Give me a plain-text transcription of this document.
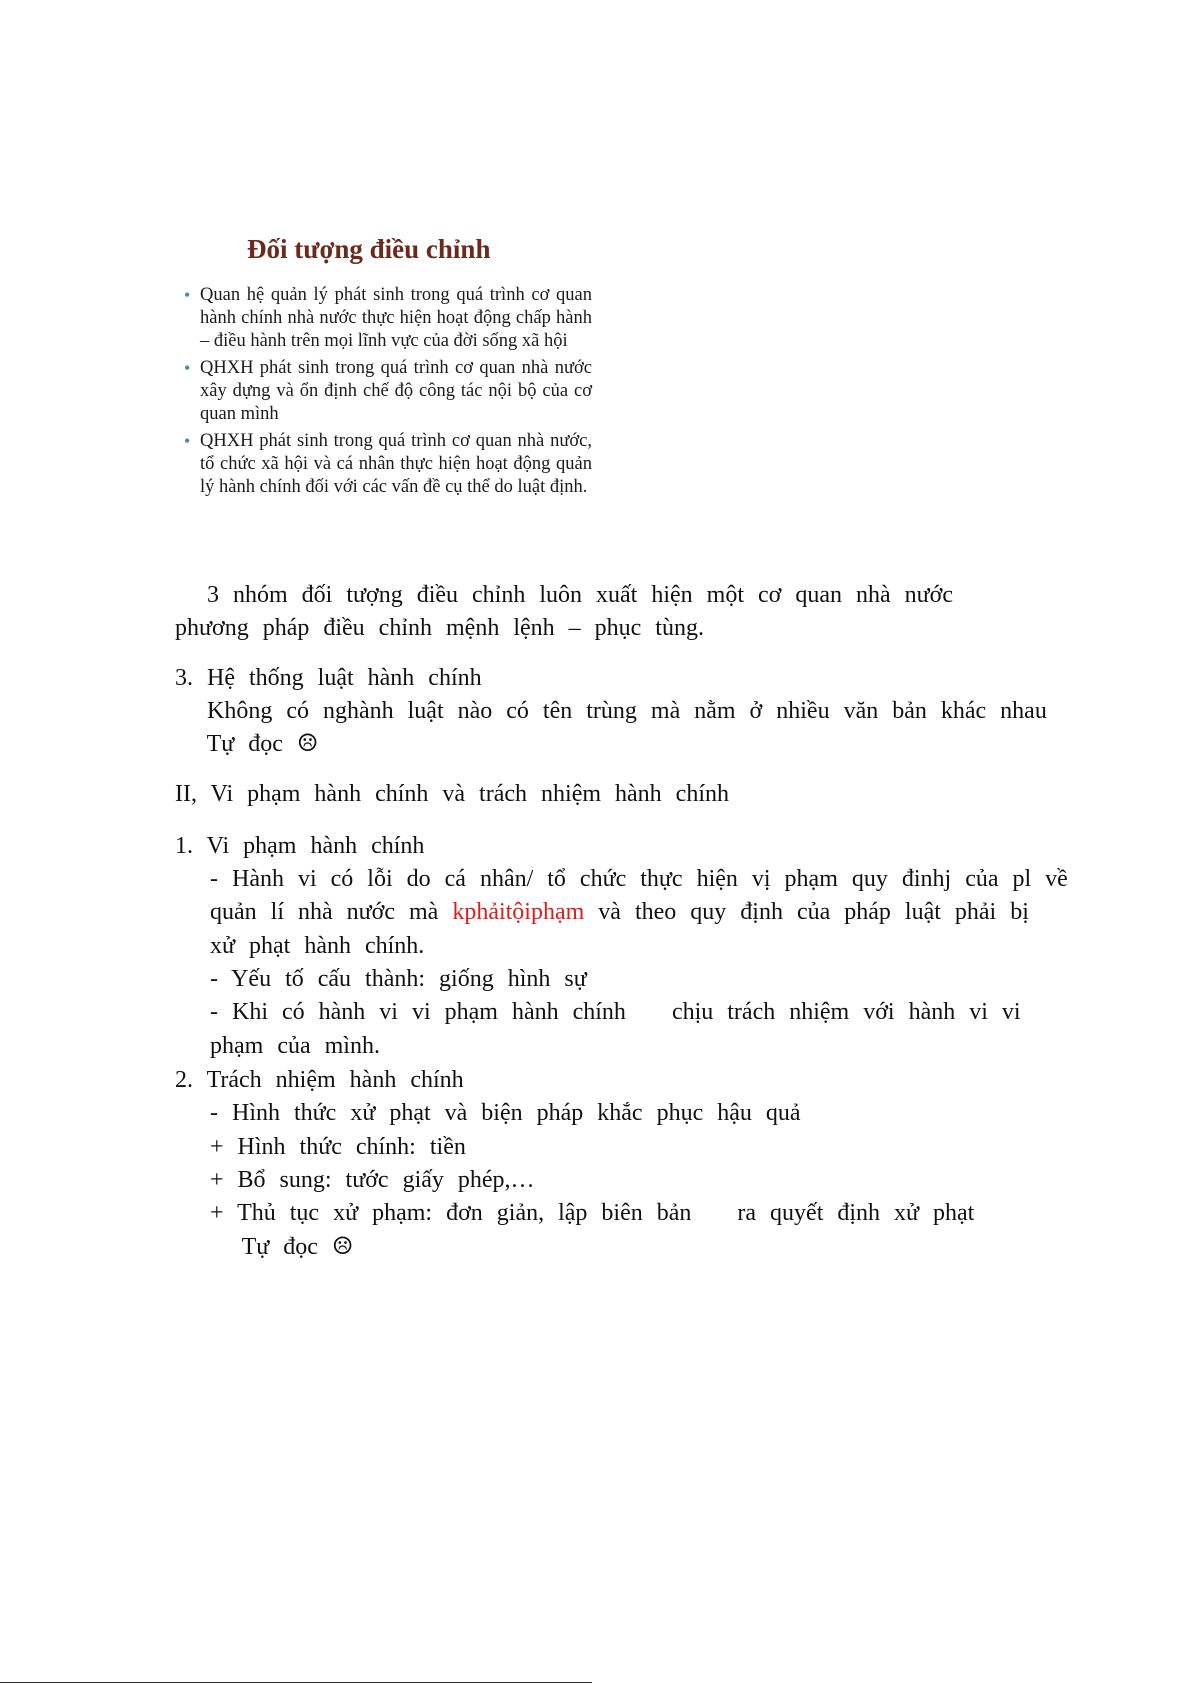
Đối tượng điều chỉnh
• Quan hệ quản lý phát sinh trong quá trình cơ quan hành chính nhà nước thực hiện hoạt động chấp hành – điều hành trên mọi lĩnh vực của đời sống xã hội
• QHXH phát sinh trong quá trình cơ quan nhà nước xây dựng và ổn định chế độ công tác nội bộ của cơ quan mình
• QHXH phát sinh trong quá trình cơ quan nhà nước, tổ chức xã hội và cá nhân thực hiện hoạt động quản lý hành chính đối với các vấn đề cụ thể do luật định.
3 nhóm đối tượng điều chỉnh luôn xuất hiện một cơ quan nhà nước
phương pháp điều chỉnh mệnh lệnh – phục tùng.
3. Hệ thống luật hành chính
Không có nghành luật nào có tên trùng mà nằm ở nhiều văn bản khác nhau
Tự đọc ☹
II, Vi phạm hành chính và trách nhiệm hành chính
1. Vi phạm hành chính
- Hành vi có lỗi do cá nhân/ tổ chức thực hiện vị phạm quy đinhj của pl về
quản lí nhà nước mà kphảitộiphạm và theo quy định của pháp luật phải bị
xử phạt hành chính.
- Yếu tố cấu thành: giống hình sự
- Khi có hành vi vi phạm hành chính chịu trách nhiệm với hành vi vi
phạm của mình.
2. Trách nhiệm hành chính
- Hình thức xử phạt và biện pháp khắc phục hậu quả
+ Hình thức chính: tiền
+ Bổ sung: tước giấy phép,…
+ Thủ tục xử phạm: đơn giản, lập biên bản ra quyết định xử phạt
Tự đọc ☹
